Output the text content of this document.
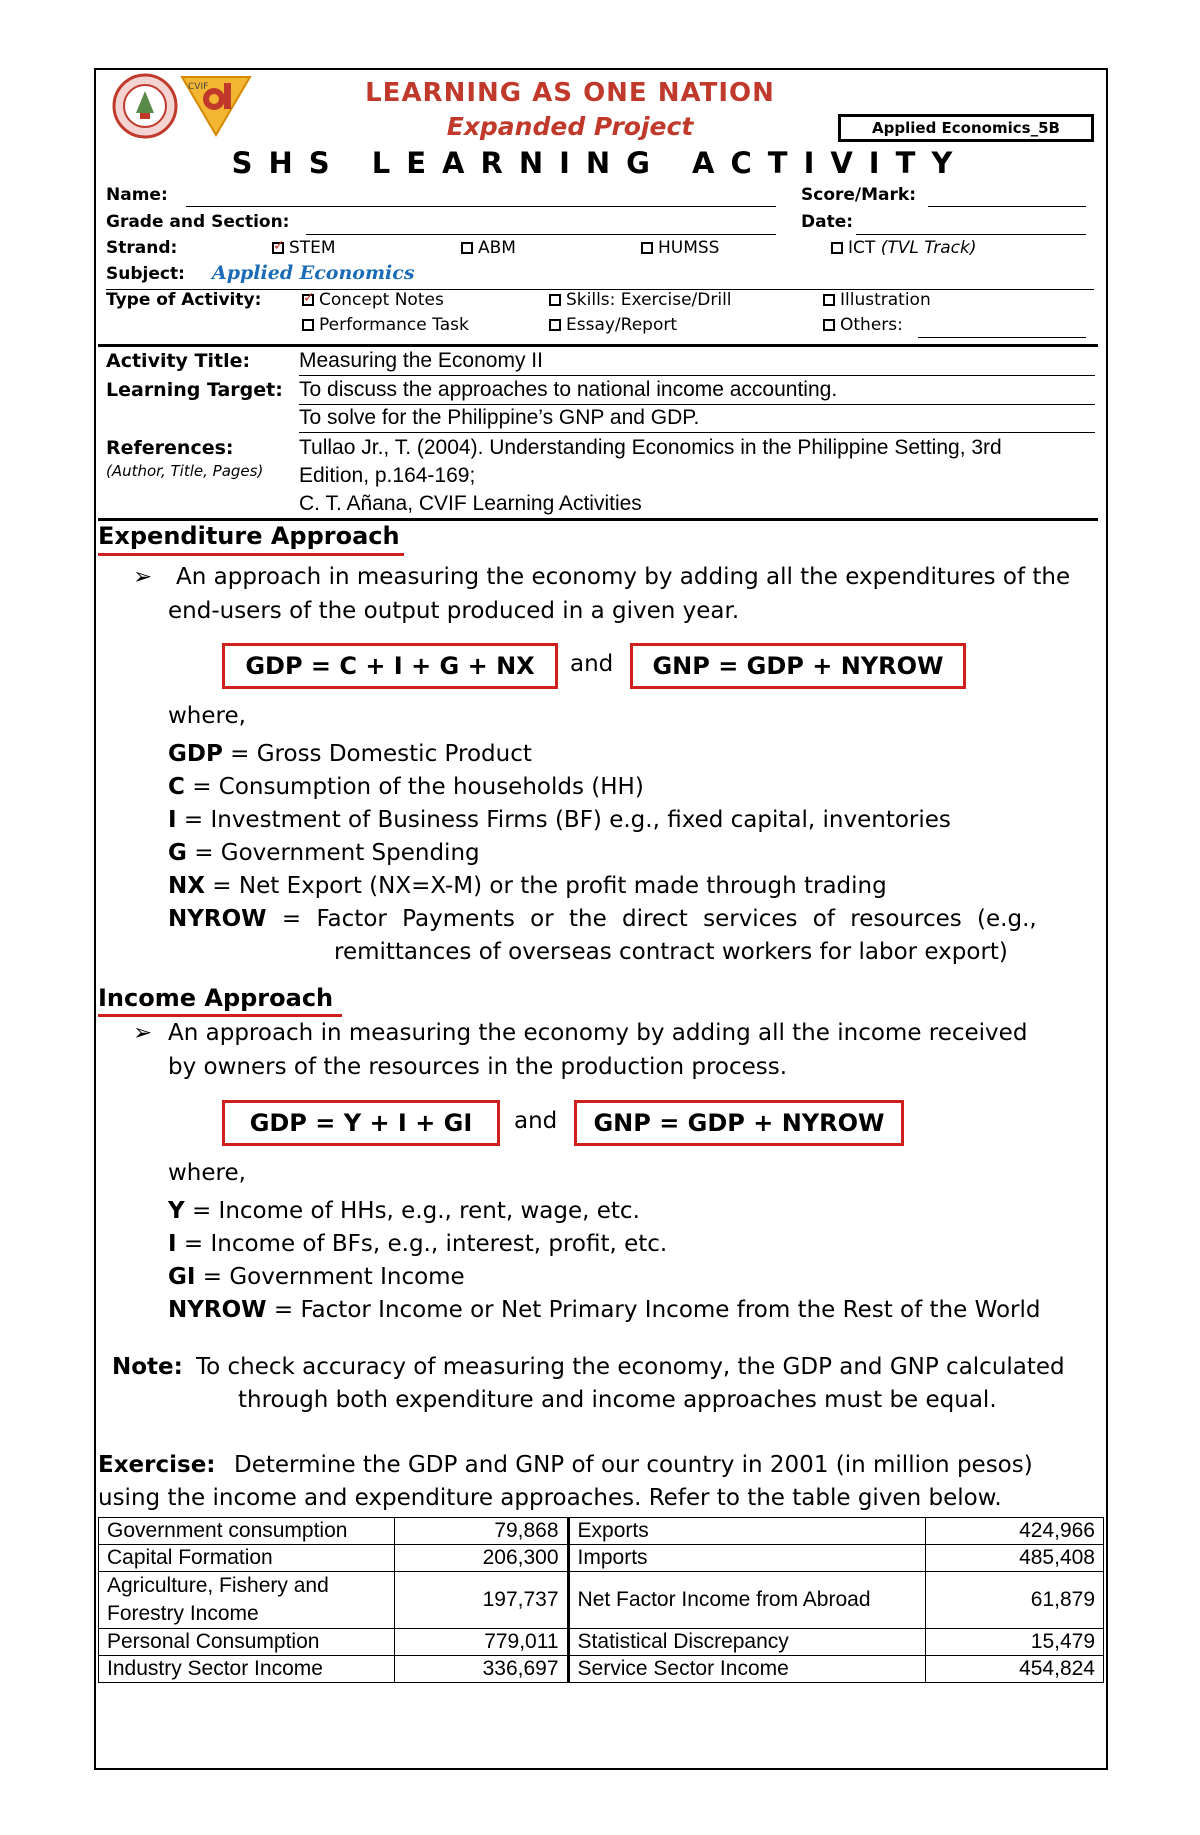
CVIF	LEARNING AS ONE NATION
Expanded Project	Applied Economics_5B
SHS LEARNING ACTIVITY
Name:	Score/Mark:
Grade and Section:	Date:
Strand: ✓	STEM	ABM	HUMSS	ICT (TVL Track)
Subject: Applied Economics
Type of Activity: ✓	Concept Notes	Skills: Exercise/Drill	Illustration
Performance Task	Essay/Report	Others:
Activity Title: Measuring the Economy II
Learning Target: To discuss the approaches to national income accounting.
To solve for the Philippine’s GNP and GDP.
References:
(Author, Title, Pages)
Tullao Jr., T. (2004). Understanding Economics in the Philippine Setting, 3rd
Edition, p.164-169;
C. T. Añana, CVIF Learning Activities
Expenditure Approach
➢ An approach in measuring the economy by adding all the expenditures of the
end-users of the output produced in a given year.
GDP = C + I + G + NX	and	GNP = GDP + NYROW
where,
GDP = Gross Domestic Product
C = Consumption of the households (HH)
I = Investment of Business Firms (BF) e.g., fixed capital, inventories
G = Government Spending
NX = Net Export (NX=X-M) or the profit made through trading
NYROW = Factor Payments or the direct services of resources (e.g.,
remittances of overseas contract workers for labor export)
Income Approach
➢ An approach in measuring the economy by adding all the income received
by owners of the resources in the production process.
GDP = Y + I + GI	and	GNP = GDP + NYROW
where,
Y = Income of HHs, e.g., rent, wage, etc.
I = Income of BFs, e.g., interest, profit, etc.
GI = Government Income
NYROW = Factor Income or Net Primary Income from the Rest of the World
Note: To check accuracy of measuring the economy, the GDP and GNP calculated
through both expenditure and income approaches must be equal.
Exercise: Determine the GDP and GNP of our country in 2001 (in million pesos)
using the income and expenditure approaches. Refer to the table given below.
Government consumption	79,868	Exports	424,966
Capital Formation	206,300	Imports	485,408
Agriculture, Fishery and
Forestry Income	197,737	Net Factor Income from Abroad	61,879
Personal Consumption	779,011	Statistical Discrepancy	15,479
Industry Sector Income	336,697	Service Sector Income	454,824
